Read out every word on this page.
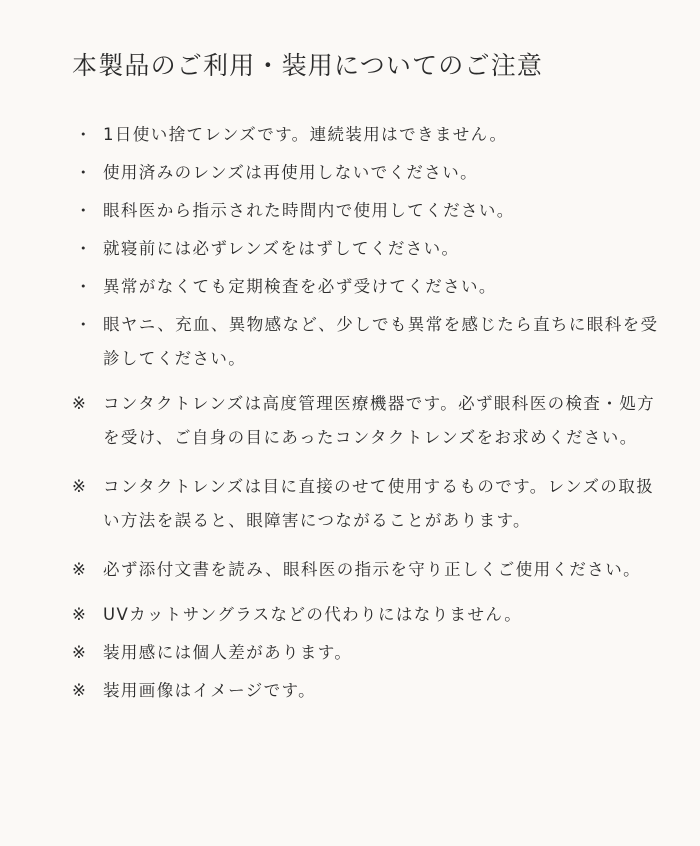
本製品のご利用・装用についてのご注意
・ 1日使い捨てレンズです。連続装用はできません。
・ 使用済みのレンズは再使用しないでください。
・ 眼科医から指示された時間内で使用してください。
・ 就寝前には必ずレンズをはずしてください。
・ 異常がなくても定期検査を必ず受けてください。
・ 眼ヤニ、充血、異物感など、少しでも異常を感じたら直ちに眼科を受診してください。
※ コンタクトレンズは高度管理医療機器です。必ず眼科医の検査・処方を受け、ご自身の目にあったコンタクトレンズをお求めください。
※ コンタクトレンズは目に直接のせて使用するものです。レンズの取扱い方法を誤ると、眼障害につながることがあります。
※ 必ず添付文書を読み、眼科医の指示を守り正しくご使用ください。
※ UVカットサングラスなどの代わりにはなりません。
※ 装用感には個人差があります。
※ 装用画像はイメージです。
